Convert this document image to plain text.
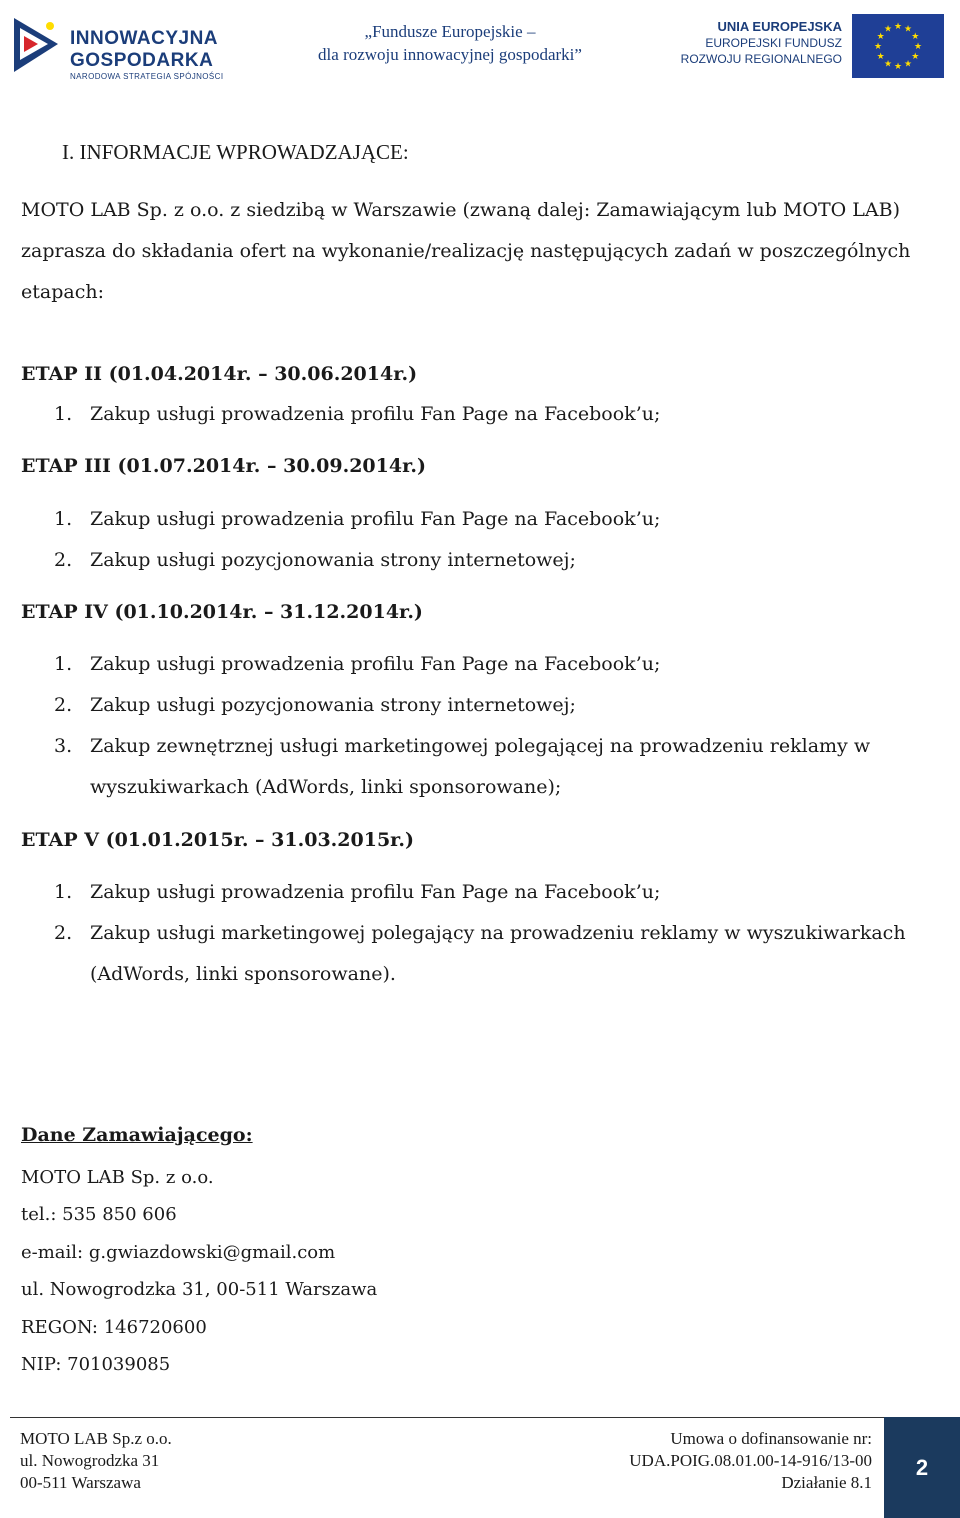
INNOWACYJNA
GOSPODARKA
NARODOWA STRATEGIA SPÓJNOŚCI
„Fundusze Europejskie –
dla rozwoju innowacyjnej gospodarki”
UNIA EUROPEJSKA
EUROPEJSKI FUNDUSZ
ROZWOJU REGIONALNEGO
★ ★
★
★
★
★
★
★
★
★
★
★
I. INFORMACJE WPROWADZAJĄCE:
MOTO LAB Sp. z o.o. z siedzibą w Warszawie (zwaną dalej: Zamawiającym lub MOTO LAB)
zaprasza do składania ofert na wykonanie/realizację następujących zadań w poszczególnych
etapach:
ETAP II (01.04.2014r. – 30.06.2014r.)
1. Zakup usługi prowadzenia profilu Fan Page na Facebook’u;
ETAP III (01.07.2014r. – 30.09.2014r.)
1. Zakup usługi prowadzenia profilu Fan Page na Facebook’u;
2. Zakup usługi pozycjonowania strony internetowej;
ETAP IV (01.10.2014r. – 31.12.2014r.)
1. Zakup usługi prowadzenia profilu Fan Page na Facebook’u;
2. Zakup usługi pozycjonowania strony internetowej;
3. Zakup zewnętrznej usługi marketingowej polegającej na prowadzeniu reklamy w
wyszukiwarkach (AdWords, linki sponsorowane);
ETAP V (01.01.2015r. – 31.03.2015r.)
1. Zakup usługi prowadzenia profilu Fan Page na Facebook’u;
2. Zakup usługi marketingowej polegający na prowadzeniu reklamy w wyszukiwarkach
(AdWords, linki sponsorowane).
Dane Zamawiającego:
MOTO LAB Sp. z o.o.
tel.: 535 850 606
e-mail: g.gwiazdowski@gmail.com
ul. Nowogrodzka 31, 00-511 Warszawa
REGON: 146720600
NIP: 701039085
MOTO LAB Sp.z o.o.
ul. Nowogrodzka 31
00-511 Warszawa
Umowa o dofinansowanie nr:
UDA.POIG.08.01.00-14-916/13-00
Działanie 8.1
2
